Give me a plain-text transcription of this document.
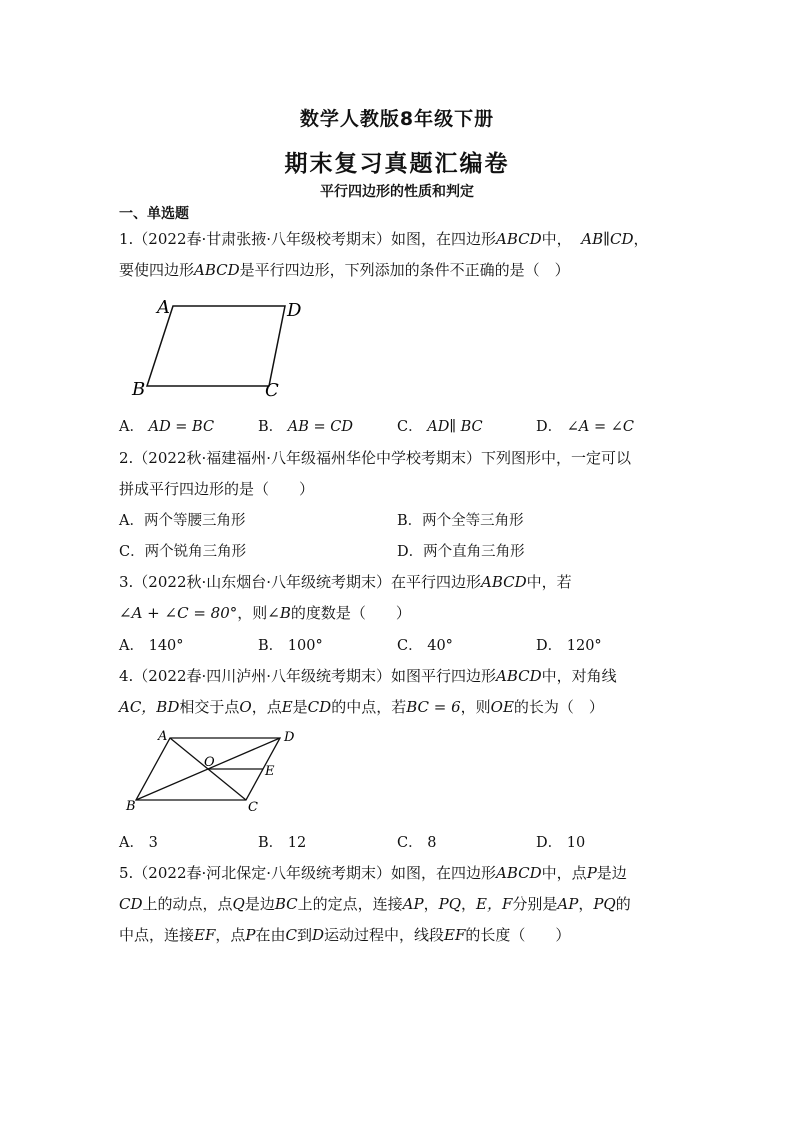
数学人教版8年级下册
期末复习真题汇编卷
平行四边形的性质和判定
一、单选题
1.（2022春·甘肃张掖·八年级校考期末）如图，在四边形ABCD中， AB∥CD，
要使四边形ABCD是平行四边形，下列添加的条件不正确的是（　）
A	D
B	C
A． AD = BC	B． AB = CD	C． AD∥ BC	D． ∠A = ∠C
2.（2022秋·福建福州·八年级福州华伦中学校考期末）下列图形中，一定可以
拼成平行四边形的是（　　）
A．两个等腰三角形	B．两个全等三角形
C．两个锐角三角形	D．两个直角三角形
3.（2022秋·山东烟台·八年级统考期末）在平行四边形ABCD中，若
∠A + ∠C = 80°，则∠B的度数是（　　）
A． 140°	B． 100°	C． 40°	D． 120°
4.（2022春·四川泸州·八年级统考期末）如图平行四边形ABCD中，对角线
AC，BD相交于点O，点E是CD的中点，若BC = 6，则OE的长为（　）
A	D
O
E
B	C
A． 3	B． 12	C． 8	D． 10
5.（2022春·河北保定·八年级统考期末）如图，在四边形ABCD中，点P是边
CD上的动点，点Q是边BC上的定点，连接AP，PQ，E，F分别是AP，PQ的
中点，连接EF，点P在由C到D运动过程中，线段EF的长度（　　）
